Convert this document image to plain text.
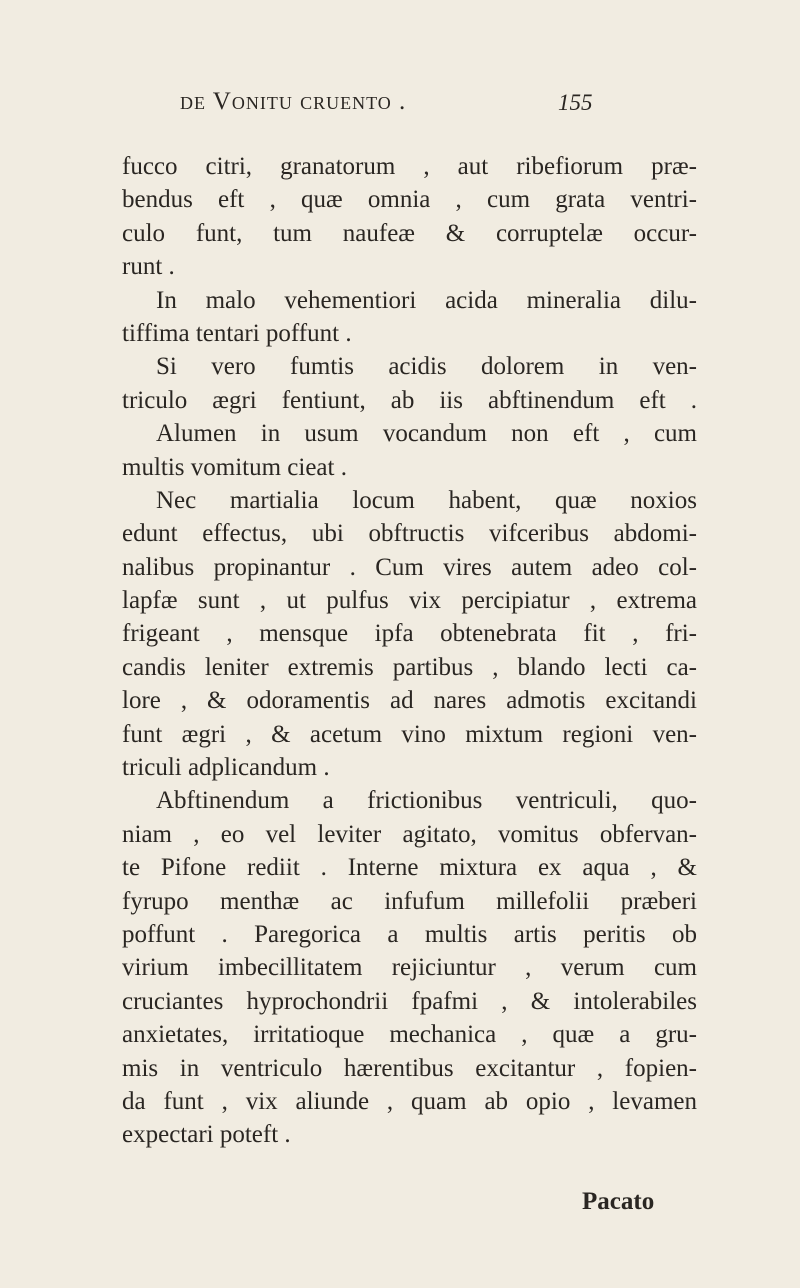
de Vonitu cruento .	155
fucco citri, granatorum , aut ribefiorum præ-
bendus eft , quæ omnia , cum grata ventri-
culo funt, tum naufeæ & corruptelæ occur-
runt .
In malo vehementiori acida mineralia dilu-
tiffima tentari poffunt .
Si vero fumtis acidis dolorem in ven-
triculo ægri fentiunt, ab iis abftinendum eft .
Alumen in usum vocandum non eft , cum
multis vomitum cieat .
Nec martialia locum habent, quæ noxios
edunt effectus, ubi obftructis vifceribus abdomi-
nalibus propinantur . Cum vires autem adeo col-
lapfæ sunt , ut pulfus vix percipiatur , extrema
frigeant , mensque ipfa obtenebrata fit , fri-
candis leniter extremis partibus , blando lecti ca-
lore , & odoramentis ad nares admotis excitandi
funt ægri , & acetum vino mixtum regioni ven-
triculi adplicandum .
Abftinendum a frictionibus ventriculi, quo-
niam , eo vel leviter agitato, vomitus obfervan-
te Pifone rediit . Interne mixtura ex aqua , &
fyrupo menthæ ac infufum millefolii præberi
poffunt . Paregorica a multis artis peritis ob
virium imbecillitatem rejiciuntur , verum cum
cruciantes hyprochondrii fpafmi , & intolerabiles
anxietates, irritatioque mechanica , quæ a gru-
mis in ventriculo hærentibus excitantur , fopien-
da funt , vix aliunde , quam ab opio , levamen
expectari poteft .
Pacato
